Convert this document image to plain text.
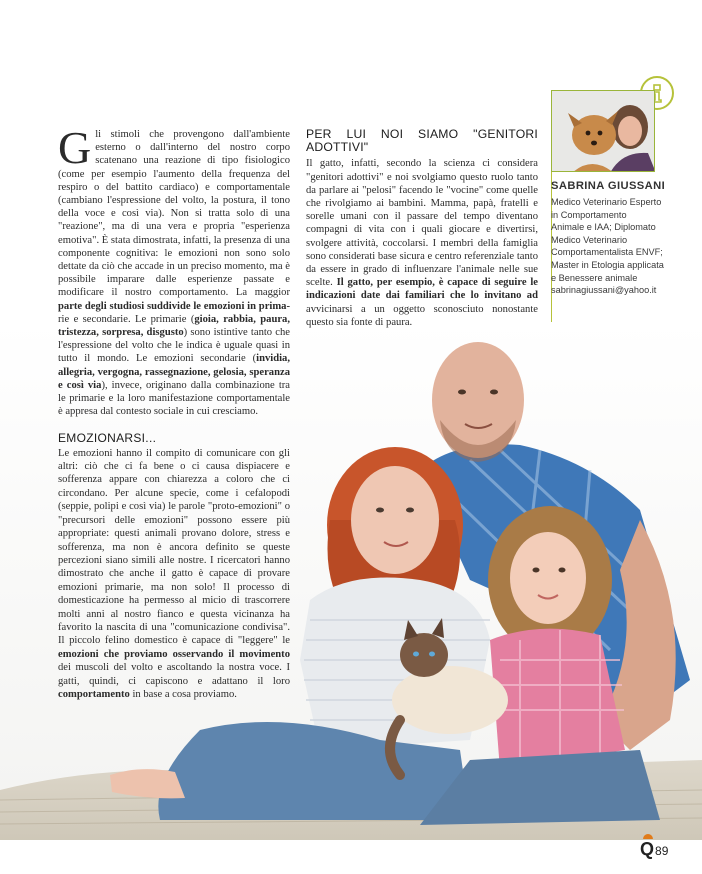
G li stimoli che provengono dall'ambiente esterno o dall'interno del nostro corpo scatenano una reazione di tipo fisiologico (come per esempio l'aumento della frequenza del respiro o del battito cardiaco) e comportamentale (cambiano l'espressione del volto, la postura, il tono della voce e così via). Non si tratta solo di una "reazione", ma di una vera e propria "esperienza emotiva". È stata dimostrata, infatti, la presenza di una componente cognitiva: le emozioni non sono solo dettate da ciò che accade in un preciso momento, ma è possibile imparare dalle esperienze passate e modificare il nostro comportamento. La maggior parte degli studiosi suddivide le emozioni in prima- rie e secondarie. Le primarie (gioia, rabbia, paura, tristezza, sorpresa, disgusto) sono istintive tanto che l'espressione del volto che le indica è uguale quasi in tutto il mondo. Le emozioni secondarie (invidia, allegria, vergogna, rassegnazione, gelosia, speranza e così via), invece, originano dalla combinazione tra le primarie e la loro manifestazione comportamentale è appresa dal contesto sociale in cui cresciamo.

EMOZIONARSI...

Le emozioni hanno il compito di comunicare con gli altri: ciò che ci fa bene o ci causa dispiacere e sofferenza appare con chiarezza a coloro che ci circondano. Per alcune specie, come i cefalopodi (seppie, polipi e così via) le parole "proto-emozioni" o "precursori delle emozioni" possono essere più appropriate: questi animali provano dolore, stress e sofferenza, ma non è ancora definito se queste percezioni siano simili alle nostre. I ricercatori hanno dimostrato che anche il gatto è capace di provare emozioni primarie, ma non solo! Il processo di domesticazione ha permesso al micio di trascorrere molti anni al nostro fianco e questa vicinanza ha favorito la nascita di una "comunicazione condivisa". Il piccolo felino domestico è capace di "leggere" le emozioni che proviamo osservando il movimento dei muscoli del volto e ascoltando la nostra voce. I gatti, quindi, ci capiscono e adattano il loro comportamento in base a cosa proviamo.

PER LUI NOI SIAMO "GENITORI ADOTTIVI"

Il gatto, infatti, secondo la scienza ci considera "genitori adottivi" e noi svolgiamo questo ruolo tanto da parlare ai "pelosi" facendo le "vocine" come quelle che rivolgiamo ai bambini. Mamma, papà, fratelli e sorelle umani con il passare del tempo diventano compagni di vita con i quali giocare e divertirsi, svolgere attività, coccolarsi. I membri della famiglia sono considerati base sicura e centro referenziale tanto da essere in grado di influenzare l'animale nelle sue scelte. Il gatto, per esempio, è capace di seguire le indicazioni date dai familiari che lo invitano ad avvicinarsi a un oggetto sconosciuto nonostante questo sia fonte di paura.

SABRINA GIUSSANI
Medico Veterinario Esperto
in Comportamento
Animale e IAA; Diplomato
Medico Veterinario
Comportamentalista ENVF;
Master in Etologia applicata
e Benessere animale
sabrinagiussani@yahoo.it
Q 89
